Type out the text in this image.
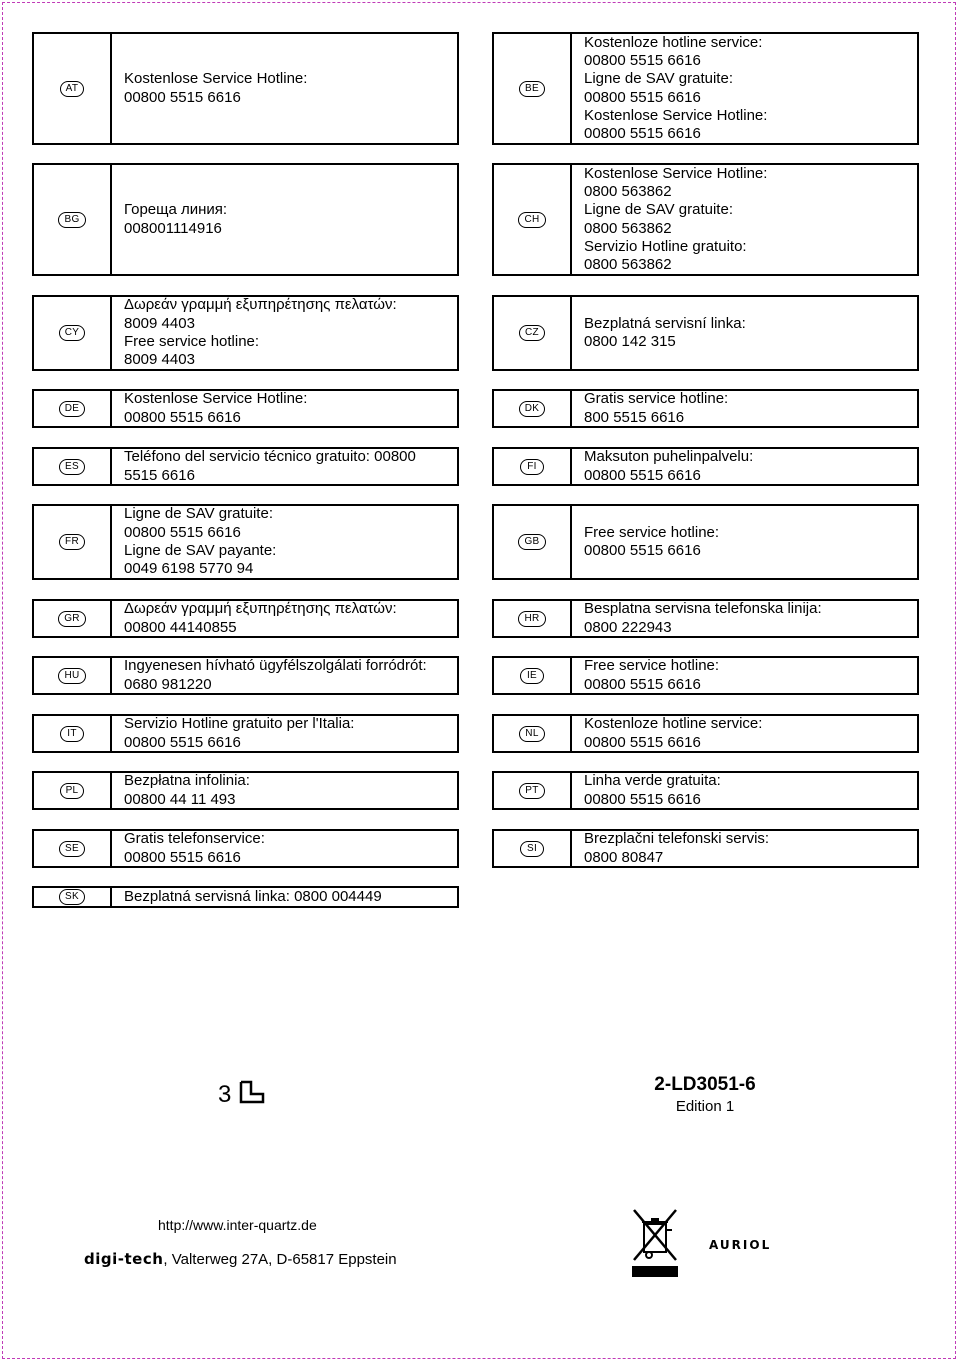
AT
Kostenlose Service Hotline:
00800 5515 6616
BG
Гореща линия:
008001114916
CY
Δωρεάν γραμμή εξυπηρέτησης πελατών:
8009 4403
Free service hotline:
8009 4403
DE
Kostenlose Service Hotline:
00800 5515 6616
ES
Teléfono del servicio técnico gratuito: 00800
5515 6616
FR
Ligne de SAV gratuite:
00800 5515 6616
Ligne de SAV payante:
0049 6198 5770 94
GR
Δωρεάν γραμμή εξυπηρέτησης πελατών:
00800 44140855
HU
Ingyenesen hívható ügyfélszolgálati forródrót:
0680 981220
IT
Servizio Hotline gratuito per l'Italia:
00800 5515 6616
PL
Bezpłatna infolinia:
00800 44 11 493
SE
Gratis telefonservice:
00800 5515 6616
SK	Bezplatná servisná linka: 0800 004449
BE
Kostenloze hotline service:
00800 5515 6616
Ligne de SAV gratuite:
00800 5515 6616
Kostenlose Service Hotline:
00800 5515 6616
CH
Kostenlose Service Hotline:
0800 563862
Ligne de SAV gratuite:
0800 563862
Servizio Hotline gratuito:
0800 563862
CZ
Bezplatná servisní linka:
0800 142 315
DK
Gratis service hotline:
800 5515 6616
FI
Maksuton puhelinpalvelu:
00800 5515 6616
GB
Free service hotline:
00800 5515 6616
HR
Besplatna servisna telefonska linija:
0800 222943
IE
Free service hotline:
00800 5515 6616
NL
Kostenloze hotline service:
00800 5515 6616
PT
Linha verde gratuita:
00800 5515 6616
SI
Brezplačni telefonski servis:
0800 80847
3	2-LD3051-6
Edition 1
http://www.inter-quartz.de
digi-tech , Valterweg 27A, D-65817 Eppstein
AURIOL
